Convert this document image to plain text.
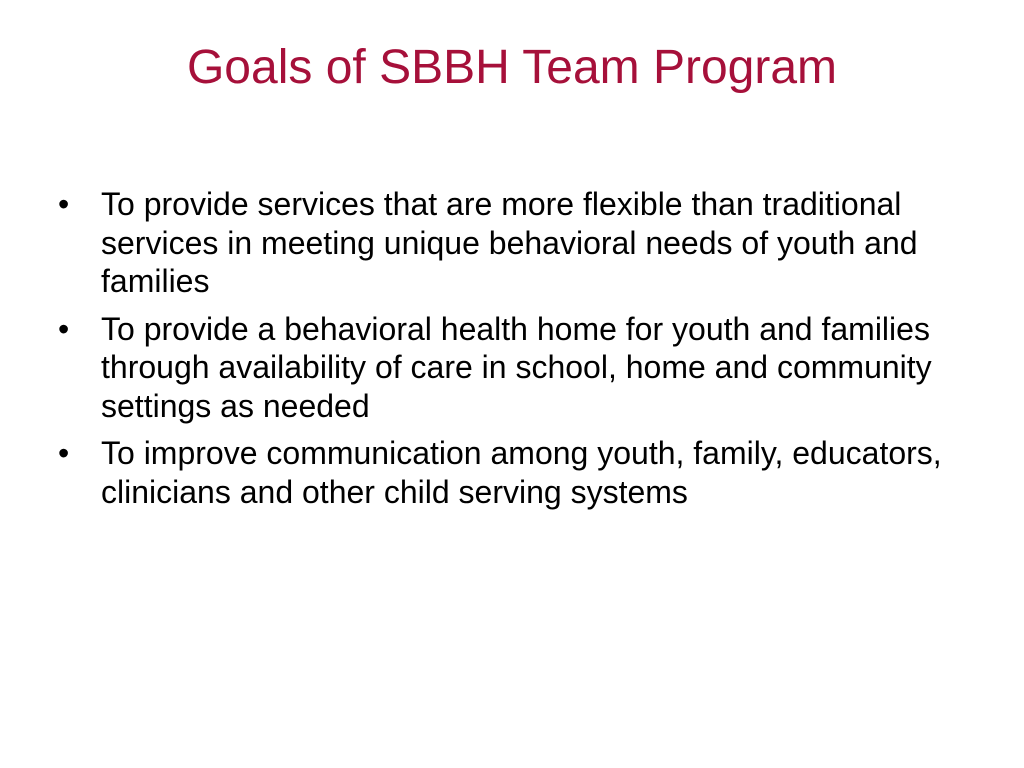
Goals of SBBH Team Program
• To provide services that are more flexible than traditional services in meeting unique behavioral needs of youth and families
• To provide a behavioral health home for youth and families through availability of care in school, home and community settings as needed
• To improve communication among youth, family, educators, clinicians and other child serving systems
